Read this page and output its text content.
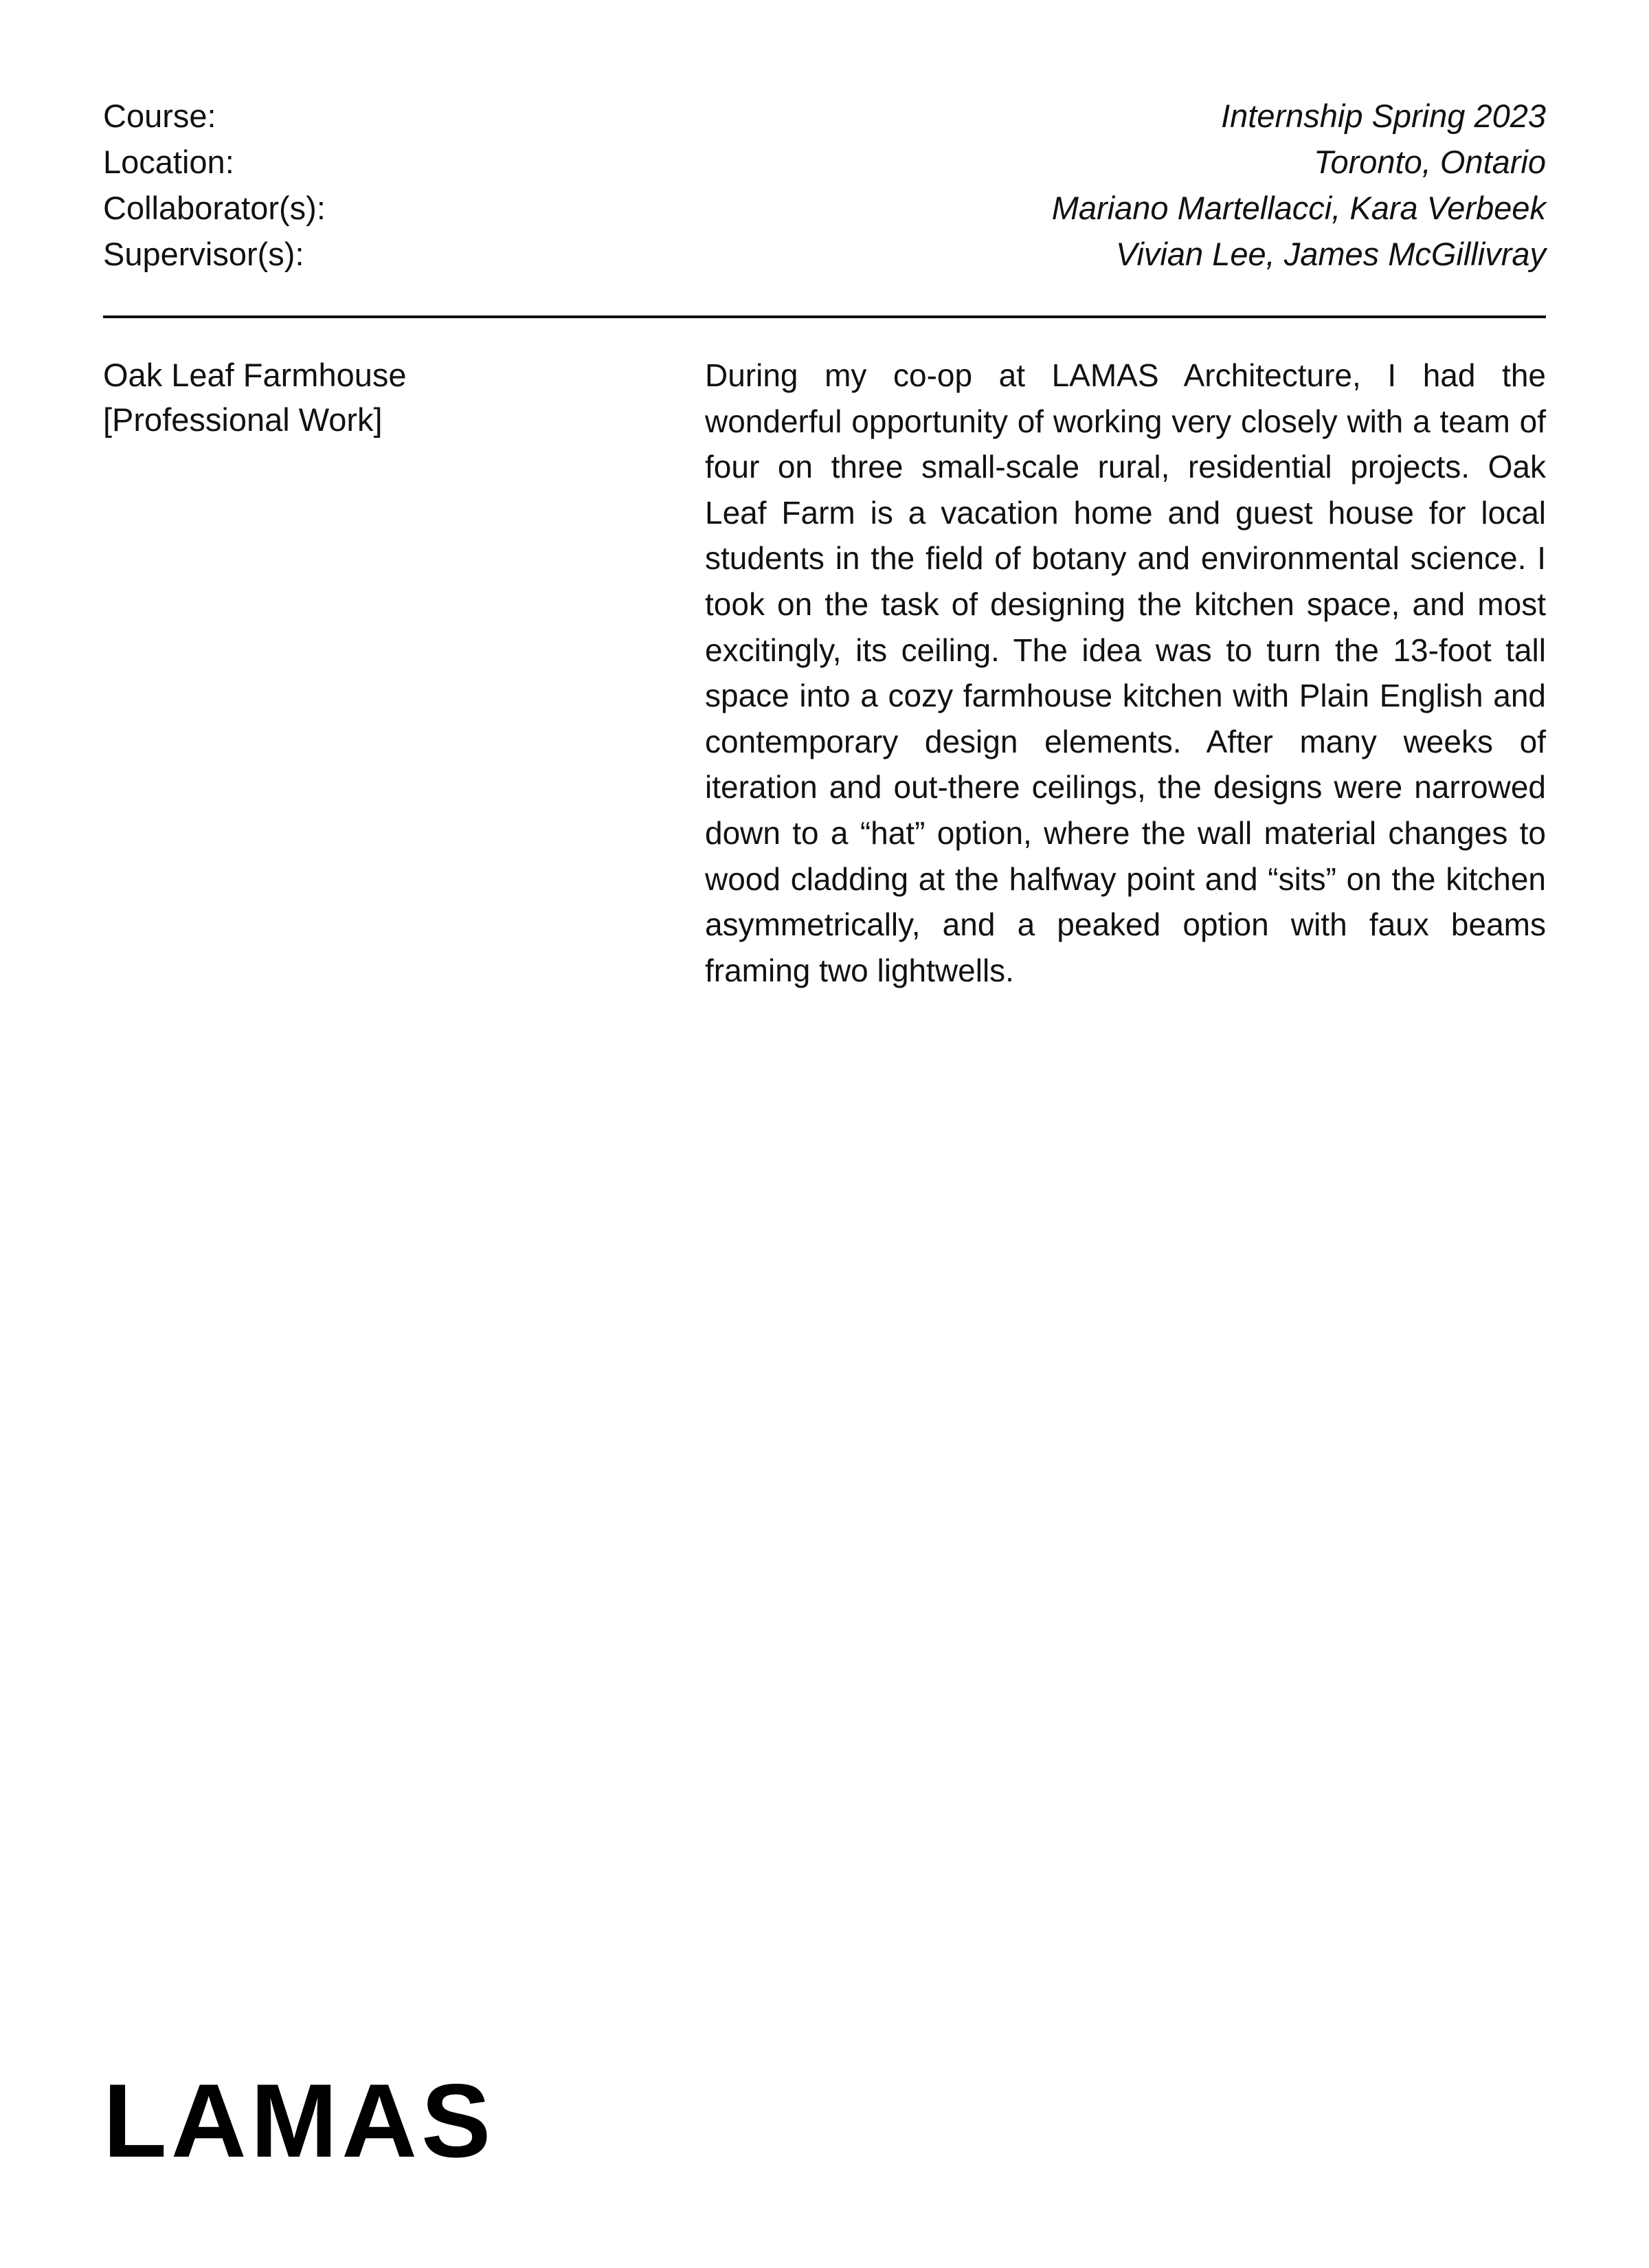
Course:	Internship Spring 2023
Location:	Toronto, Ontario
Collaborator(s):	Mariano Martellacci, Kara Verbeek
Supervisor(s):	Vivian Lee, James McGillivray
Oak Leaf Farmhouse
[Professional Work]

During my co-op at LAMAS Architecture, I had the wonderful opportunity of working very closely with a team of four on three small-scale rural, residential projects. Oak Leaf Farm is a vacation home and guest house for local students in the field of botany and environmental science. I took on the task of designing the kitchen space, and most excitingly, its ceiling. The idea was to turn the 13-foot tall space into a cozy farmhouse kitchen with Plain English and contemporary design elements. After many weeks of iteration and out-there ceilings, the designs were narrowed down to a “hat” option, where the wall material changes to wood cladding at the halfway point and “sits” on the kitchen asymmetrically, and a peaked option with faux beams framing two lightwells.

LAMAS
